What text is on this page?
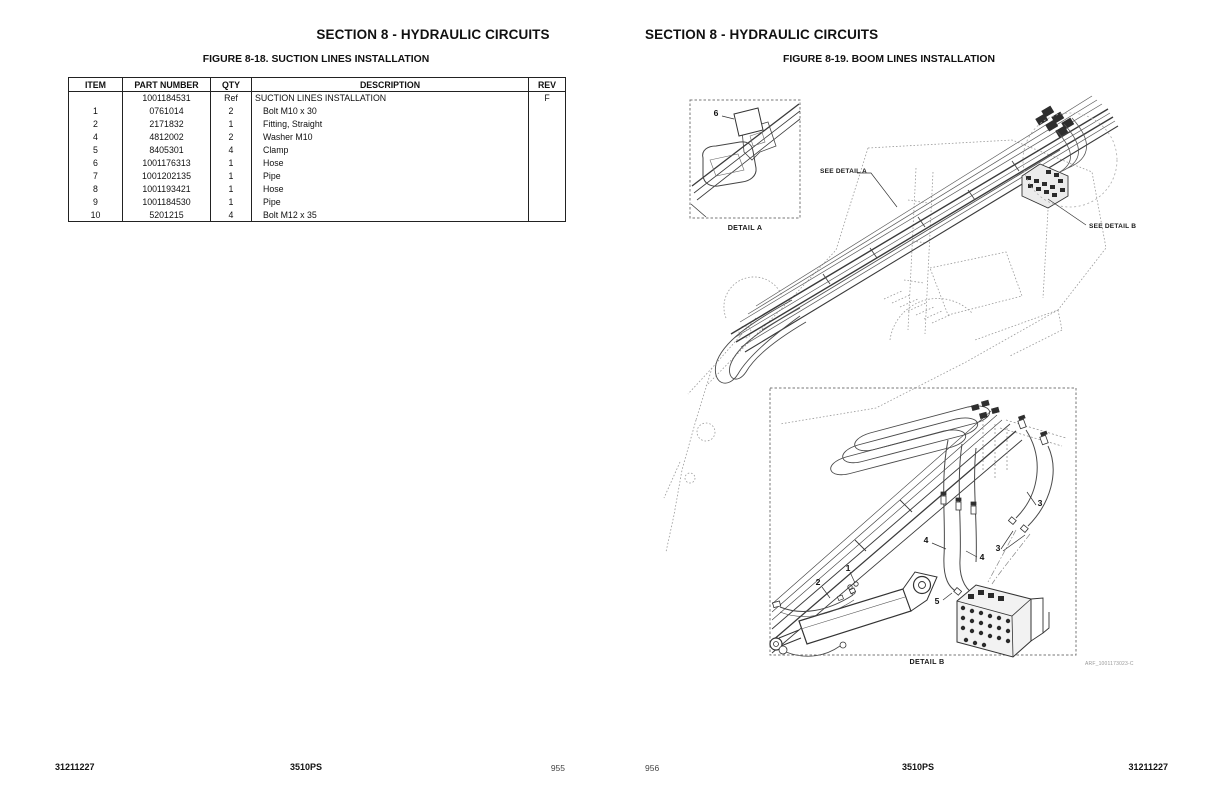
SECTION 8 - HYDRAULIC CIRCUITS
FIGURE 8-18. SUCTION LINES INSTALLATION
ITEM	PART NUMBER	QTY	DESCRIPTION	REV
	1001184531	Ref	SUCTION LINES INSTALLATION	F
1	0761014	2	Bolt M10 x 30	
2	2171832	1	Fitting, Straight	
4	4812002	2	Washer M10	
5	8405301	4	Clamp	
6	1001176313	1	Hose	
7	1001202135	1	Pipe	
8	1001193421	1	Hose	
9	1001184530	1	Pipe	
10	5201215	4	Bolt M12 x 35	
31211227	3510PS	955
SECTION 8 - HYDRAULIC CIRCUITS
FIGURE 8-19. BOOM LINES INSTALLATION
SEE DETAIL A
SEE DETAIL B
DETAIL A
DETAIL B	ARF_1001173023-C
6
1
2
3
3
4
4
5
956	3510PS	31211227
